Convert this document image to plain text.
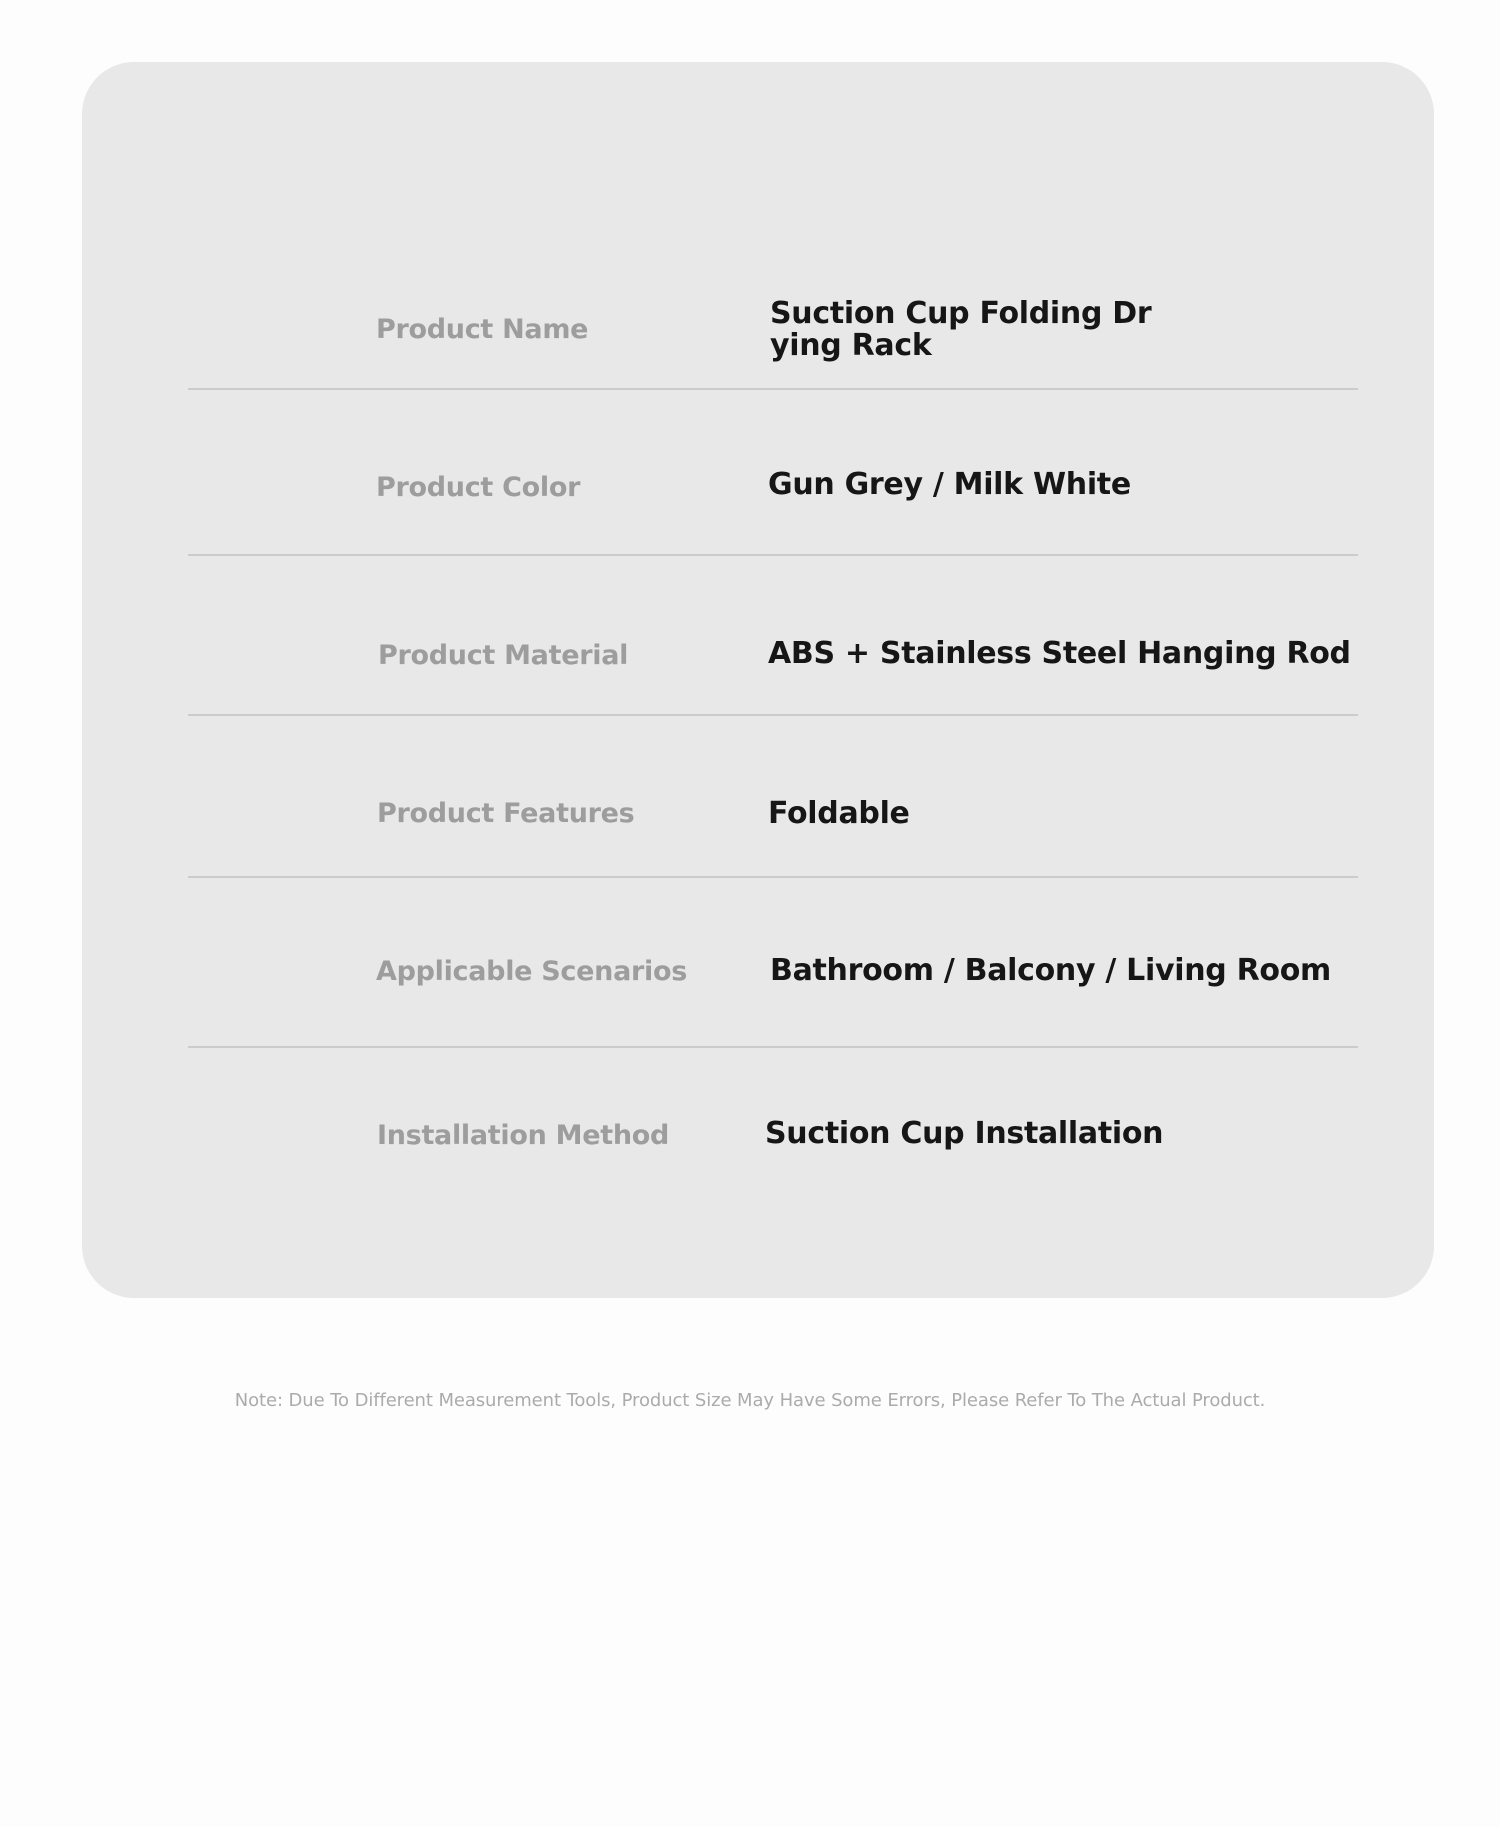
Product Name	Suction Cup Folding Drying Rack
Product Color	Gun Grey / Milk White
Product Material	ABS + Stainless Steel Hanging Rod
Product Features	Foldable
Applicable Scenarios	Bathroom / Balcony / Living Room
Installation Method	Suction Cup Installation
Note: Due To Different Measurement Tools, Product Size May Have Some Errors, Please Refer To The Actual Product.
